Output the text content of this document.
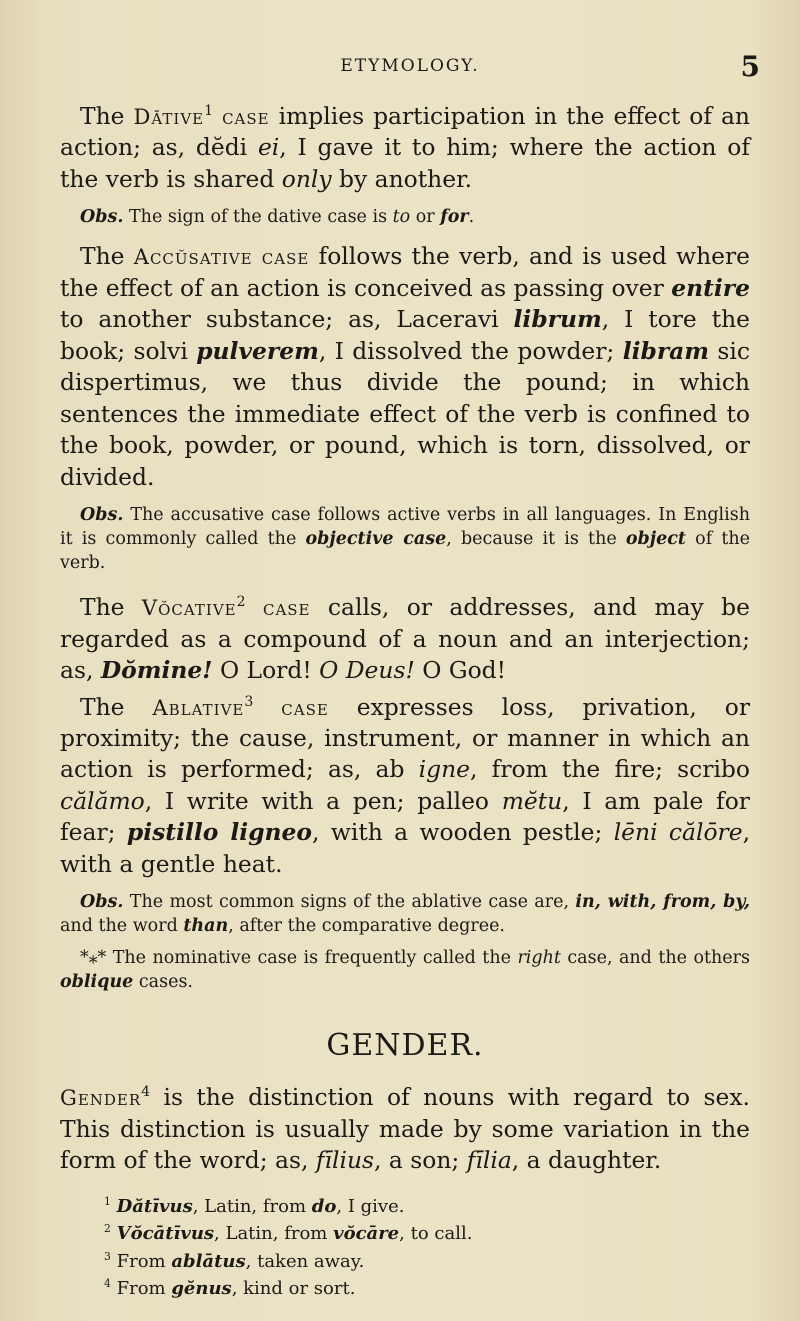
ETYMOLOGY.	5

The Dātive$^1$ case implies participation in the effect of an action; as, dĕdi ei, I gave it to him; where the action of the verb is shared only by another.

Obs. The sign of the dative case is to or for.

The Accŭsative case follows the verb, and is used where the effect of an action is conceived as passing over entire to another substance; as, Laceravi librum, I tore the book; solvi pulverem, I dissolved the powder; libram sic dispertimus, we thus divide the pound; in which sentences the immediate effect of the verb is confined to the book, powder, or pound, which is torn, dissolved, or divided.

Obs. The accusative case follows active verbs in all languages. In English it is commonly called the objective case, because it is the object of the verb.

The Vŏcative$^2$ case calls, or addresses, and may be regarded as a compound of a noun and an interjection; as, Dŏmine! O Lord! O Deus! O God!

The Ablative$^3$ case expresses loss, privation, or proximity; the cause, instrument, or manner in which an action is performed; as, ab igne, from the fire; scribo călămo, I write with a pen; palleo mĕtu, I am pale for fear; pistillo ligneo, with a wooden pestle; lēni călōre, with a gentle heat.

Obs. The most common signs of the ablative case are, in, with, from, by, and the word than, after the comparative degree.

*⁎* The nominative case is frequently called the right case, and the others oblique cases.

GENDER.

Gender$^4$ is the distinction of nouns with regard to sex. This distinction is usually made by some variation in the form of the word; as, fīlius, a son; fīlia, a daughter.

$^1$ Dătīvus, Latin, from do, I give.
$^2$ Vŏcātīvus, Latin, from vŏcāre, to call.
$^3$ From ablātus, taken away.
$^4$ From gĕnus, kind or sort.
